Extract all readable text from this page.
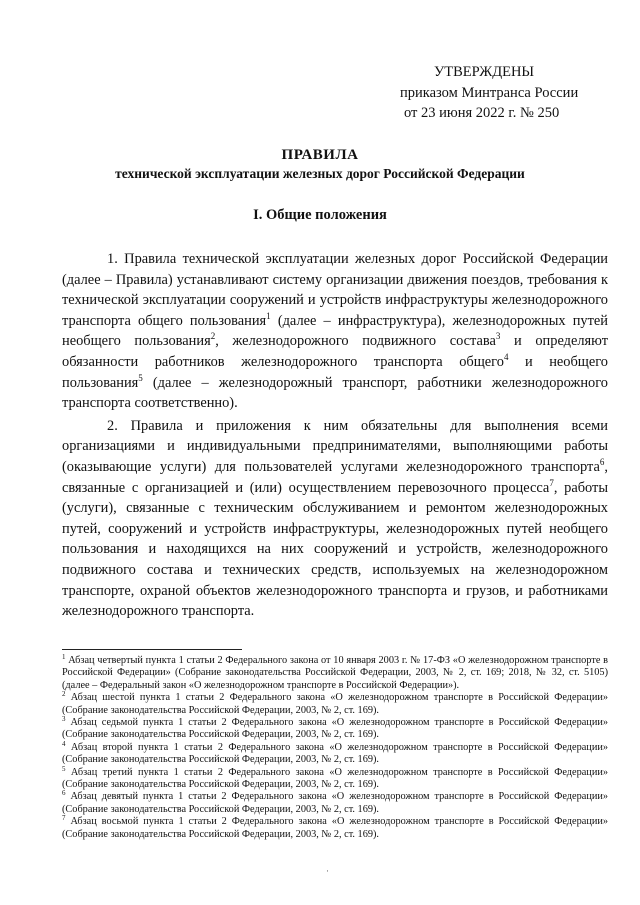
УТВЕРЖДЕНЫ
приказом Минтранса России
от 23 июня 2022 г. № 250
ПРАВИЛА
технической эксплуатации железных дорог Российской Федерации
I. Общие положения

1. Правила технической эксплуатации железных дорог Российской Федерации (далее – Правила) устанавливают систему организации движения поездов, требования к технической эксплуатации сооружений и устройств инфраструктуры железнодорожного транспорта общего пользования$^1$ (далее – инфраструктура), железнодорожных путей необщего пользования$^2$, железнодорожного подвижного состава$^3$ и определяют обязанности работников железнодорожного транспорта общего$^4$ и необщего пользования$^5$ (далее – железнодорожный транспорт, работники железнодорожного транспорта соответственно).

2. Правила и приложения к ним обязательны для выполнения всеми организациями и индивидуальными предпринимателями, выполняющими работы (оказывающие услуги) для пользователей услугами железнодорожного транспорта$^6$, связанные с организацией и (или) осуществлением перевозочного процесса$^7$, работы (услуги), связанные с техническим обслуживанием и ремонтом железнодорожных путей, сооружений и устройств инфраструктуры, железнодорожных путей необщего пользования и находящихся на них сооружений и устройств, железнодорожного подвижного состава и технических средств, используемых на железнодорожном транспорте, охраной объектов железнодорожного транспорта и грузов, и работниками железнодорожного транспорта.

$^1$ Абзац четвертый пункта 1 статьи 2 Федерального закона от 10 января 2003 г. № 17-ФЗ «О железнодорожном транспорте в Российской Федерации» (Собрание законодательства Российской Федерации, 2003, № 2, ст. 169; 2018, № 32, ст. 5105) (далее – Федеральный закон «О железнодорожном транспорте в Российской Федерации»).

$^2$ Абзац шестой пункта 1 статьи 2 Федерального закона «О железнодорожном транспорте в Российской Федерации» (Собрание законодательства Российской Федерации, 2003, № 2, ст. 169).

$^3$ Абзац седьмой пункта 1 статьи 2 Федерального закона «О железнодорожном транспорте в Российской Федерации» (Собрание законодательства Российской Федерации, 2003, № 2, ст. 169).

$^4$ Абзац второй пункта 1 статьи 2 Федерального закона «О железнодорожном транспорте в Российской Федерации» (Собрание законодательства Российской Федерации, 2003, № 2, ст. 169).

$^5$ Абзац третий пункта 1 статьи 2 Федерального закона «О железнодорожном транспорте в Российской Федерации» (Собрание законодательства Российской Федерации, 2003, № 2, ст. 169).

$^6$ Абзац девятый пункта 1 статьи 2 Федерального закона «О железнодорожном транспорте в Российской Федерации» (Собрание законодательства Российской Федерации, 2003, № 2, ст. 169).

$^7$ Абзац восьмой пункта 1 статьи 2 Федерального закона «О железнодорожном транспорте в Российской Федерации» (Собрание законодательства Российской Федерации, 2003, № 2, ст. 169).

·
